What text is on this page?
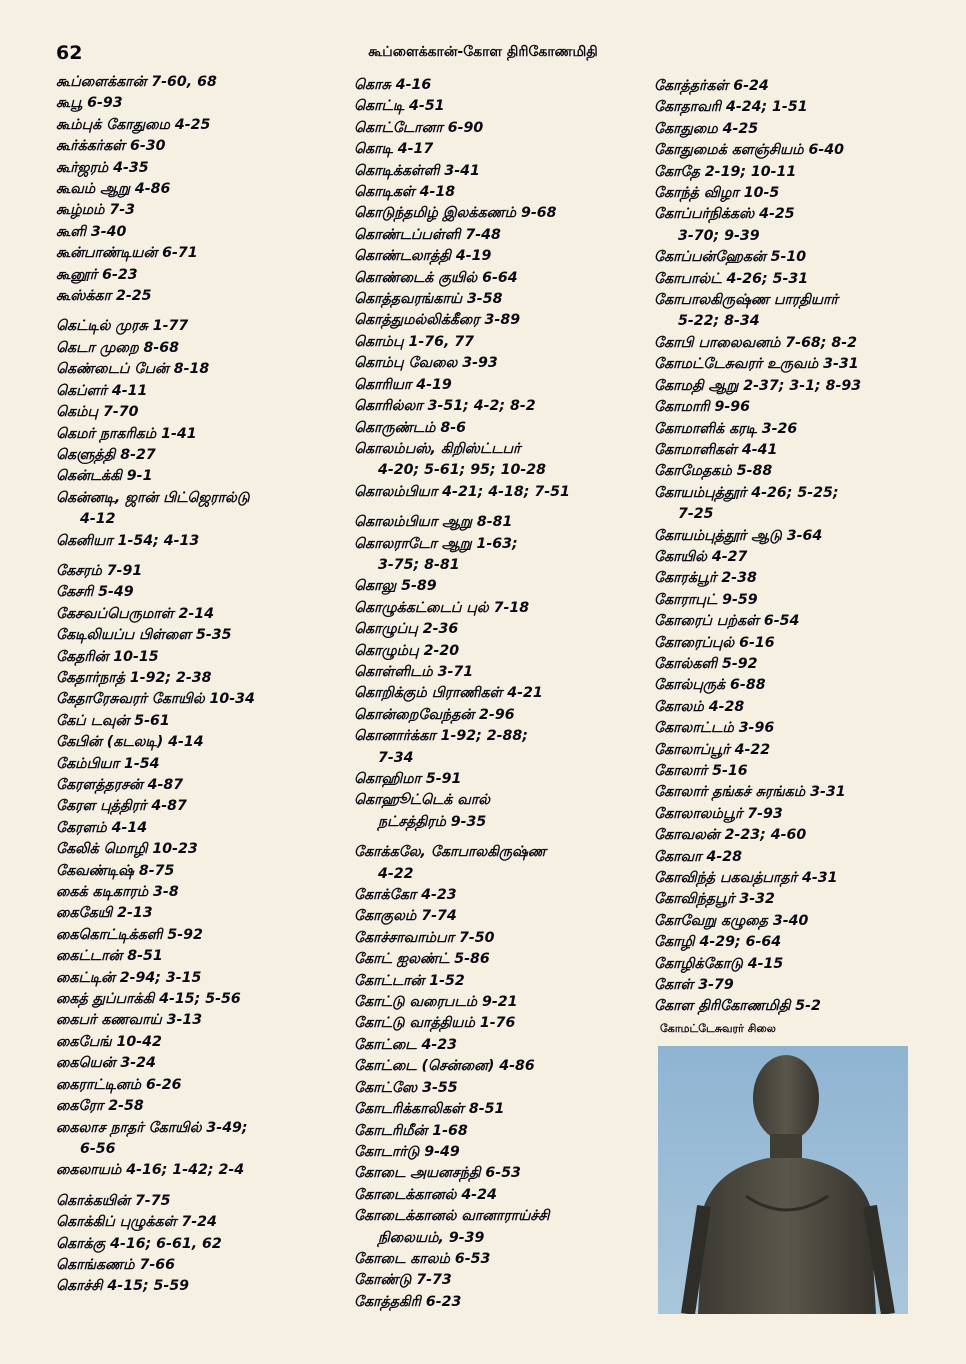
62	கூப்ளைக்கான்-கோள திரிகோணமிதி
கூப்ளைக்கான் 7-60, 68
கூபூ 6-93
கூம்புக் கோதுமை 4-25
கூர்க்கர்கள் 6-30
கூர்ஜரம் 4-35
கூவம் ஆறு 4-86
கூழ்மம் 7-3
கூளி 3-40
கூன்பாண்டியன் 6-71
கூனூர் 6-23
கூஸ்க்கா 2-25
கெட்டில் முரசு 1-77
கெடா முறை 8-68
கெண்டைப் பேன் 8-18
கெப்ளர் 4-11
கெம்பு 7-70
கெமர் நாகரிகம் 1-41
கெளுத்தி 8-27
கென்டக்கி 9-1
கென்னடி, ஜான் பிட்ஜெரால்டு
4-12
கெனியா 1-54; 4-13
கேசரம் 7-91
கேசரி 5-49
கேசவப்பெருமாள் 2-14
கேடிலியப்ப பிள்ளை 5-35
கேதரின் 10-15
கேதார்நாத் 1-92; 2-38
கேதாரேசுவரர் கோயில் 10-34
கேப் டவுன் 5-61
கேபின் (கடலடி) 4-14
கேம்பியா 1-54
கேரளத்தரசன் 4-87
கேரள புத்திரர் 4-87
கேரளம் 4-14
கேலிக் மொழி 10-23
கேவண்டிஷ் 8-75
கைக் கடிகாரம் 3-8
கைகேயி 2-13
கைகொட்டிக்களி 5-92
கைட்டான் 8-51
கைட்டின் 2-94; 3-15
கைத் துப்பாக்கி 4-15; 5-56
கைபர் கணவாய் 3-13
கைபேங் 10-42
கையென் 3-24
கைராட்டினம் 6-26
கைரோ 2-58
கைலாச நாதர் கோயில் 3-49;
6-56
கைலாயம் 4-16; 1-42; 2-4
கொக்கயின் 7-75
கொக்கிப் புழுக்கள் 7-24
கொக்கு 4-16; 6-61, 62
கொங்கணம் 7-66
கொச்சி 4-15; 5-59
கொசு 4-16
கொட்டி 4-51
கொட்டோனா 6-90
கொடி 4-17
கொடிக்கள்ளி 3-41
கொடிகள் 4-18
கொடுந்தமிழ் இலக்கணம் 9-68
கொண்டப்பள்ளி 7-48
கொண்டலாத்தி 4-19
கொண்டைக் குயில் 6-64
கொத்தவரங்காய் 3-58
கொத்துமல்லிக்கீரை 3-89
கொம்பு 1-76, 77
கொம்பு வேலை 3-93
கொரியா 4-19
கொரில்லா 3-51; 4-2; 8-2
கொருண்டம் 8-6
கொலம்பஸ், கிறிஸ்ட்டபர்
4-20; 5-61; 95; 10-28
கொலம்பியா 4-21; 4-18; 7-51
கொலம்பியா ஆறு 8-81
கொலராடோ ஆறு 1-63;
3-75; 8-81
கொலு 5-89
கொழுக்கட்டைப் புல் 7-18
கொழுப்பு 2-36
கொழும்பு 2-20
கொள்ளிடம் 3-71
கொறிக்கும் பிராணிகள் 4-21
கொன்றைவேந்தன் 2-96
கொனார்க்கா 1-92; 2-88;
7-34
கொஹிமா 5-91
கொஹூட்டெக் வால்
நட்சத்திரம் 9-35
கோக்கலே, கோபாலகிருஷ்ண
4-22
கோக்கோ 4-23
கோகுலம் 7-74
கோச்சாவாம்பா 7-50
கோட் ஐலண்ட் 5-86
கோட்டான் 1-52
கோட்டு வரைபடம் 9-21
கோட்டு வாத்தியம் 1-76
கோட்டை 4-23
கோட்டை (சென்னை) 4-86
கோட்ஸே 3-55
கோடரிக்காலிகள் 8-51
கோடரிமீன் 1-68
கோடார்டு 9-49
கோடை அயனசந்தி 6-53
கோடைக்கானல் 4-24
கோடைக்கானல் வானாராய்ச்சி
நிலையம், 9-39
கோடை காலம் 6-53
கோண்டு 7-73
கோத்தகிரி 6-23
கோத்தர்கள் 6-24
கோதாவரி 4-24; 1-51
கோதுமை 4-25
கோதுமைக் களஞ்சியம் 6-40
கோதே 2-19; 10-11
கோந்த் விழா 10-5
கோப்பர்நிக்கஸ் 4-25
3-70; 9-39
கோப்பன்ஹேகன் 5-10
கோபால்ட் 4-26; 5-31
கோபாலகிருஷ்ண பாரதியார்
5-22; 8-34
கோபி பாலைவனம் 7-68; 8-2
கோமட்டேசுவரர் உருவம் 3-31
கோமதி ஆறு 2-37; 3-1; 8-93
கோமாரி 9-96
கோமாளிக் கரடி 3-26
கோமாளிகள் 4-41
கோமேதகம் 5-88
கோயம்புத்தூர் 4-26; 5-25;
7-25
கோயம்புத்தூர் ஆடு 3-64
கோயில் 4-27
கோரக்பூர் 2-38
கோராபுட் 9-59
கோரைப் பற்கள் 6-54
கோரைப்புல் 6-16
கோல்களி 5-92
கோல்புருக் 6-88
கோலம் 4-28
கோலாட்டம் 3-96
கோலாப்பூர் 4-22
கோலார் 5-16
கோலார் தங்கச் சுரங்கம் 3-31
கோலாலம்பூர் 7-93
கோவலன் 2-23; 4-60
கோவா 4-28
கோவிந்த் பகவத்பாதர் 4-31
கோவிந்தபூர் 3-32
கோவேறு கழுதை 3-40
கோழி 4-29; 6-64
கோழிக்கோடு 4-15
கோள் 3-79
கோள திரிகோணமிதி 5-2
கோமட்டேசுவரர் சிலை
